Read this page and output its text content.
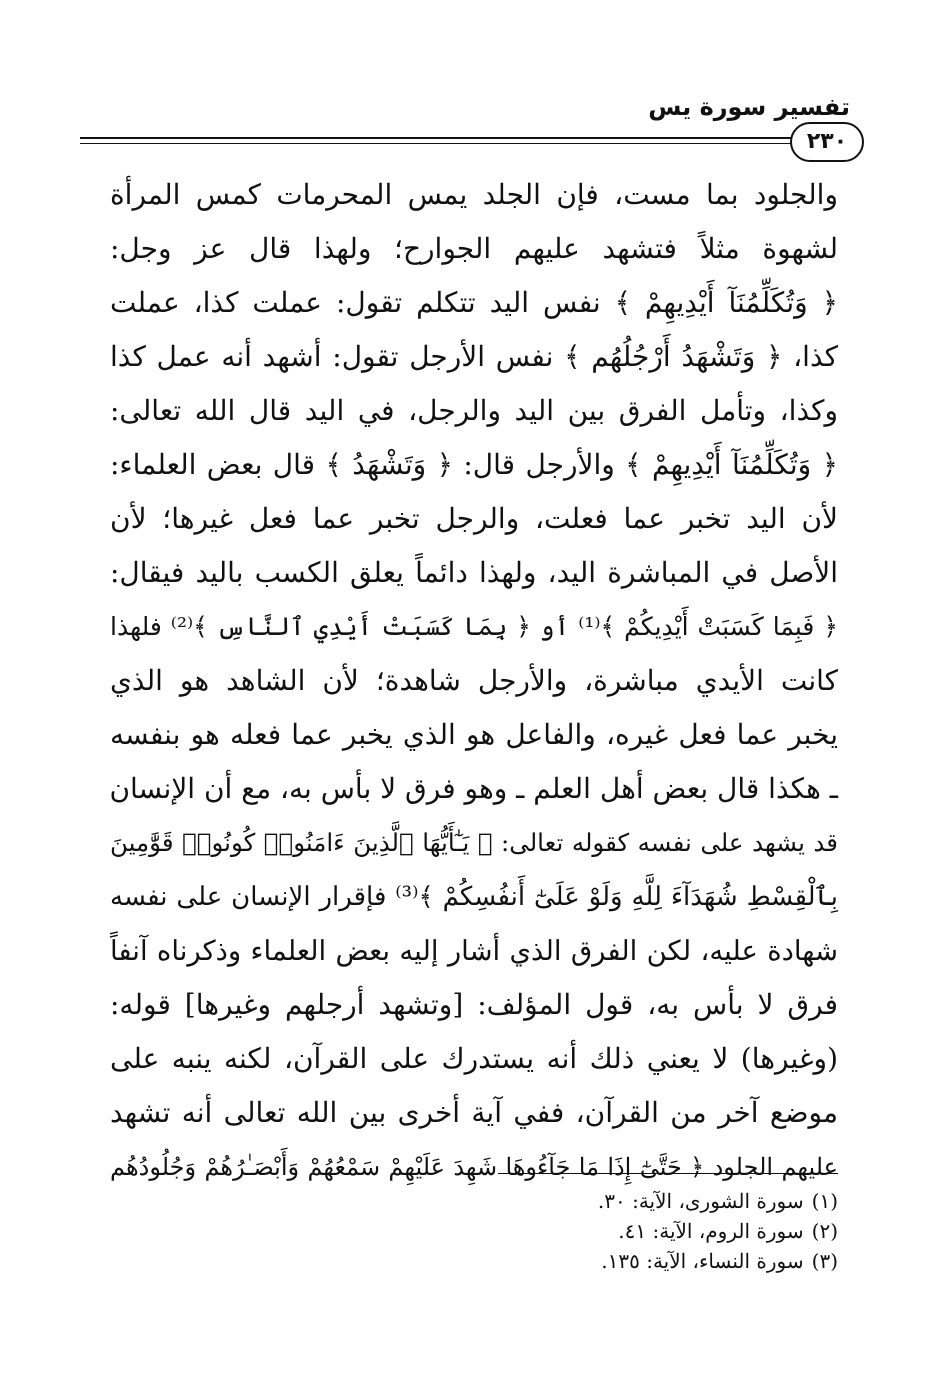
تفسير سورة يس
٢٣٠
والجلود بما مست، فإن الجلد يمس المحرمات كمس المرأة
لشهوة مثلاً فتشهد عليهم الجوارح؛ ولهذا قال عز وجل:
﴿ وَتُكَلِّمُنَآ أَيْدِيهِمْ ﴾ نفس اليد تتكلم تقول: عملت كذا، عملت
كذا، ﴿ وَتَشْهَدُ أَرْجُلُهُم ﴾ نفس الأرجل تقول: أشهد أنه عمل كذا
وكذا، وتأمل الفرق بين اليد والرجل، في اليد قال الله تعالى:
﴿ وَتُكَلِّمُنَآ أَيْدِيهِمْ ﴾ والأرجل قال: ﴿ وَتَشْهَدُ ﴾ قال بعض العلماء:
لأن اليد تخبر عما فعلت، والرجل تخبر عما فعل غيرها؛ لأن
الأصل في المباشرة اليد، ولهذا دائماً يعلق الكسب باليد فيقال:
﴿ فَبِمَا كَسَبَتْ أَيْدِيكُمْ ﴾⁽¹⁾ أو ﴿ بِمَا كَسَبَتْ أَيْدِي ٱلنَّاسِ ﴾⁽²⁾ فلهذا
كانت الأيدي مباشرة، والأرجل شاهدة؛ لأن الشاهد هو الذي
يخبر عما فعل غيره، والفاعل هو الذي يخبر عما فعله هو بنفسه
ـ هكذا قال بعض أهل العلم ـ وهو فرق لا بأس به، مع أن الإنسان
قد يشهد على نفسه كقوله تعالى: ﴿ يَـٰٓأَيُّهَا ٱلَّذِينَ ءَامَنُوا۟ كُونُوا۟ قَوَّٰمِينَ
بِٱلْقِسْطِ شُهَدَآءَ لِلَّهِ وَلَوْ عَلَىٰٓ أَنفُسِكُمْ ﴾⁽³⁾ فإقرار الإنسان على نفسه
شهادة عليه، لكن الفرق الذي أشار إليه بعض العلماء وذكرناه آنفاً
فرق لا بأس به، قول المؤلف: [وتشهد أرجلهم وغيرها] قوله:
(وغيرها) لا يعني ذلك أنه يستدرك على القرآن، لكنه ينبه على
موضع آخر من القرآن، ففي آية أخرى بين الله تعالى أنه تشهد
عليهم الجلود ﴿ حَتَّىٰٓ إِذَا مَا جَآءُوهَا شَهِدَ عَلَيْهِمْ سَمْعُهُمْ وَأَبْصَـٰرُهُمْ وَجُلُودُهُم
(١)سورة الشورى، الآية: ٣٠.
(٢)سورة الروم، الآية: ٤١.
(٣)سورة النساء، الآية: ١٣٥.
